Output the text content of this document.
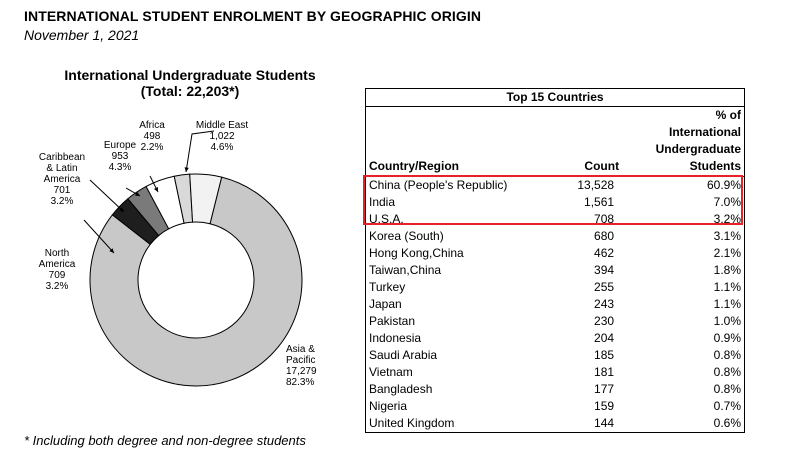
INTERNATIONAL STUDENT ENROLMENT BY GEOGRAPHIC ORIGIN
November 1, 2021
International Undergraduate Students
(Total: 22,203*)
Asia & Pacific 17,279 82.3%
North America 709 3.2%
Caribbean & Latin America 701 3.2%
Europe 953 4.3%
Africa 498 2.2%
Middle East 1,022 4.6%
Top 15 Countries		
Country/Region	Count	% of
International
Undergraduate
Students

China (People's Republic)	13,528	60.9%
India	1,561	7.0%
U.S.A.	708	3.2%
Korea (South)	680	3.1%
Hong Kong,China	462	2.1%
Taiwan,China	394	1.8%
Turkey	255	1.1%
Japan	243	1.1%
Pakistan	230	1.0%
Indonesia	204	0.9%
Saudi Arabia	185	0.8%
Vietnam	181	0.8%
Bangladesh	177	0.8%
Nigeria	159	0.7%
United Kingdom	144	0.6%
* Including both degree and non-degree students
